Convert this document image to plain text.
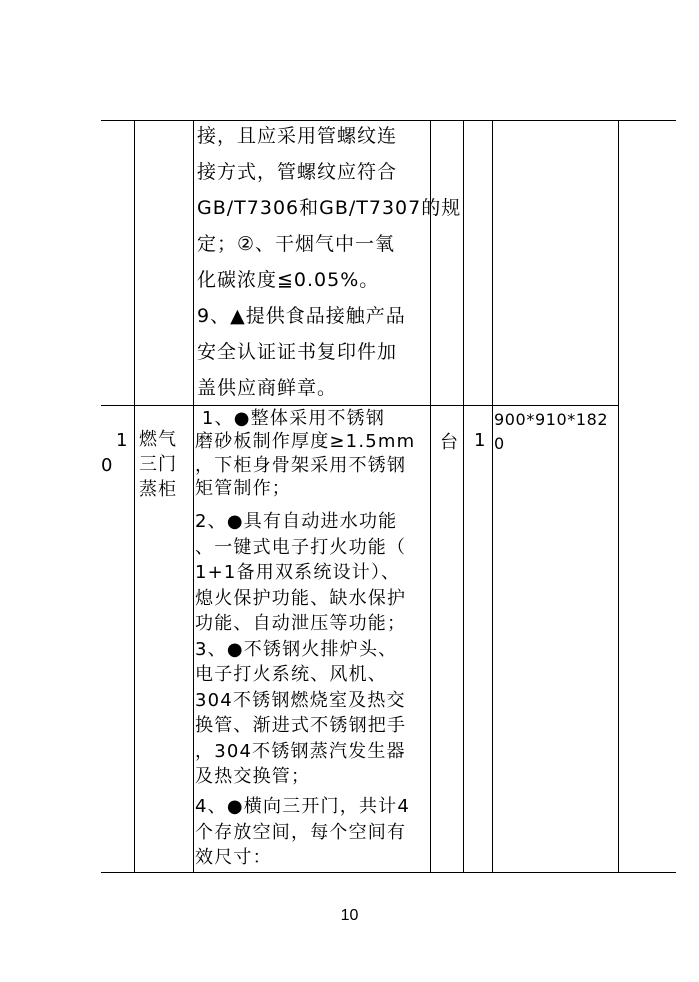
接，且应采用管螺纹连
接方式，管螺纹应符合
GB/T7306和GB/T7307的规
定；②、干烟气中一氧
化碳浓度≦0.05%。
9、▲提供食品接触产品
安全认证证书复印件加
盖供应商鲜章。
1
0
燃气
三门
蒸柜
1、●整体采用不锈钢
磨砂板制作厚度≥1.5mm
，下柜身骨架采用不锈钢
矩管制作；
2、●具有自动进水功能
、一键式电子打火功能（
1+1备用双系统设计）、
熄火保护功能、缺水保护
功能、自动泄压等功能；
3、●不锈钢火排炉头、
电子打火系统、风机、
304不锈钢燃烧室及热交
换管、渐进式不锈钢把手
，304不锈钢蒸汽发生器
及热交换管；
4、●横向三开门，共计4
个存放空间，每个空间有
效尺寸：
台 1
900*910*182
0
10
